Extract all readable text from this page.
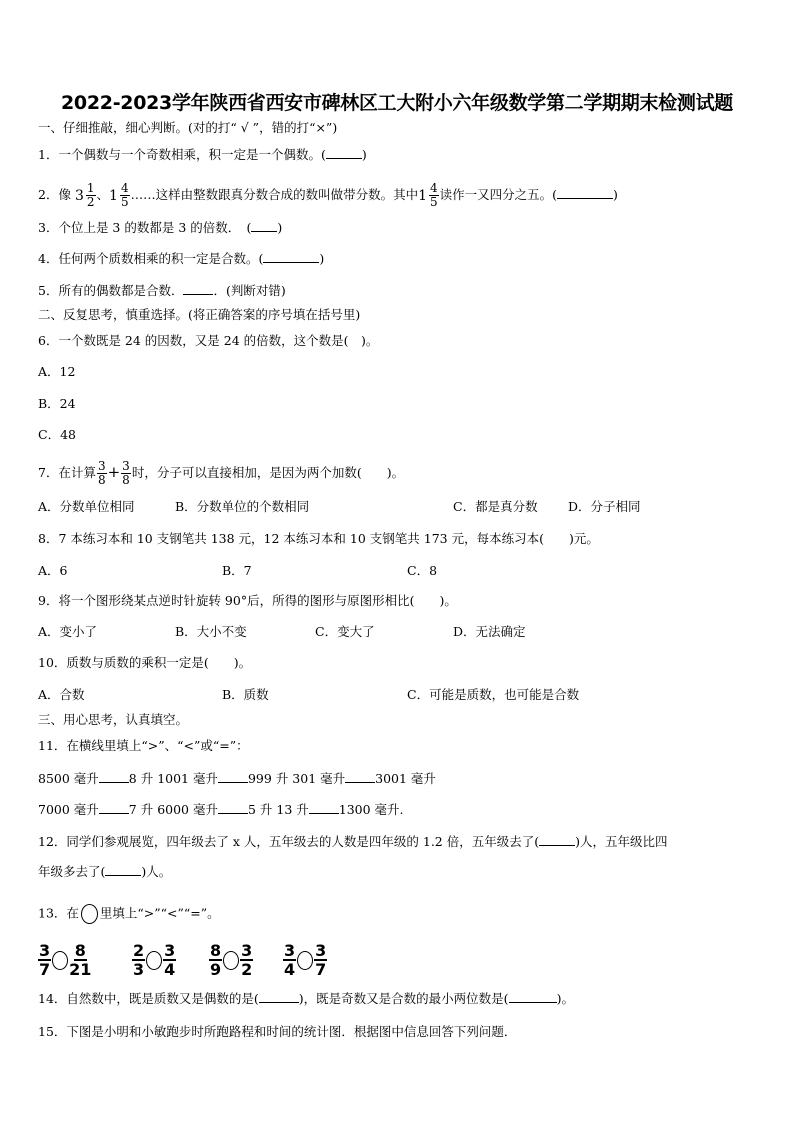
2022-2023学年陕西省西安市碑林区工大附小六年级数学第二学期期末检测试题
一、仔细推敲，细心判断。(对的打“ √ ”，错的打“×”)
1．一个偶数与一个奇数相乘，积一定是一个偶数。(	)
2．像 $3 \frac{1}{2}$ 、 $1 \frac{4}{5}$ ……这样由整数跟真分数合成的数叫做带分数。其中 $1 \frac{4}{5}$ 读作一又四分之五。(	)
3．个位上是 3 的数都是 3 的倍数．　( )
4．任何两个质数相乘的积一定是合数。(	)
5．所有的偶数都是合数． ．(判断对错)
二、反复思考，慎重选择。(将正确答案的序号填在括号里)
6．一个数既是 24 的因数，又是 24 的倍数，这个数是(　)。
A．12
B．24
C．48
7．在计算 $\frac{3}{8} + \frac{3}{8}$ 时，分子可以直接相加，是因为两个加数(　　)。
A．分数单位相同	B．分数单位的个数相同	C．都是真分数 D．分子相同
8．7 本练习本和 10 支钢笔共 138 元，12 本练习本和 10 支钢笔共 173 元，每本练习本(　　)元。
A．6	B．7	C．8
9．将一个图形绕某点逆时针旋转 90°后，所得的图形与原图形相比(　　)。
A．变小了	B．大小不变	C．变大了	D．无法确定
10．质数与质数的乘积一定是(　　)。
A．合数	B．质数	C．可能是质数，也可能是合数
三、用心思考，认真填空。
11．在横线里填上“>”、“<”或“=”：
8500 毫升 8 升 1001 毫升 999 升 301 毫升 3001 毫升
7000 毫升 7 升 6000 毫升 5 升 13 升 1300 毫升.
12．同学们参观展览，四年级去了 x 人，五年级去的人数是四年级的 1.2 倍，五年级去了(	)人，五年级比四
年级多去了(	)人。
13．在 里填上“>”“<”“=”。
$\frac{3}{7} \frac{8}{21}$	$\frac{2}{3} \frac{3}{4} \frac{8}{9} \frac{3}{2} \frac{3}{4} \frac{3}{7}$
14．自然数中，既是质数又是偶数的是(	)，既是奇数又是合数的最小两位数是(	)。
15．下图是小明和小敏跑步时所跑路程和时间的统计图．根据图中信息回答下列问题．
